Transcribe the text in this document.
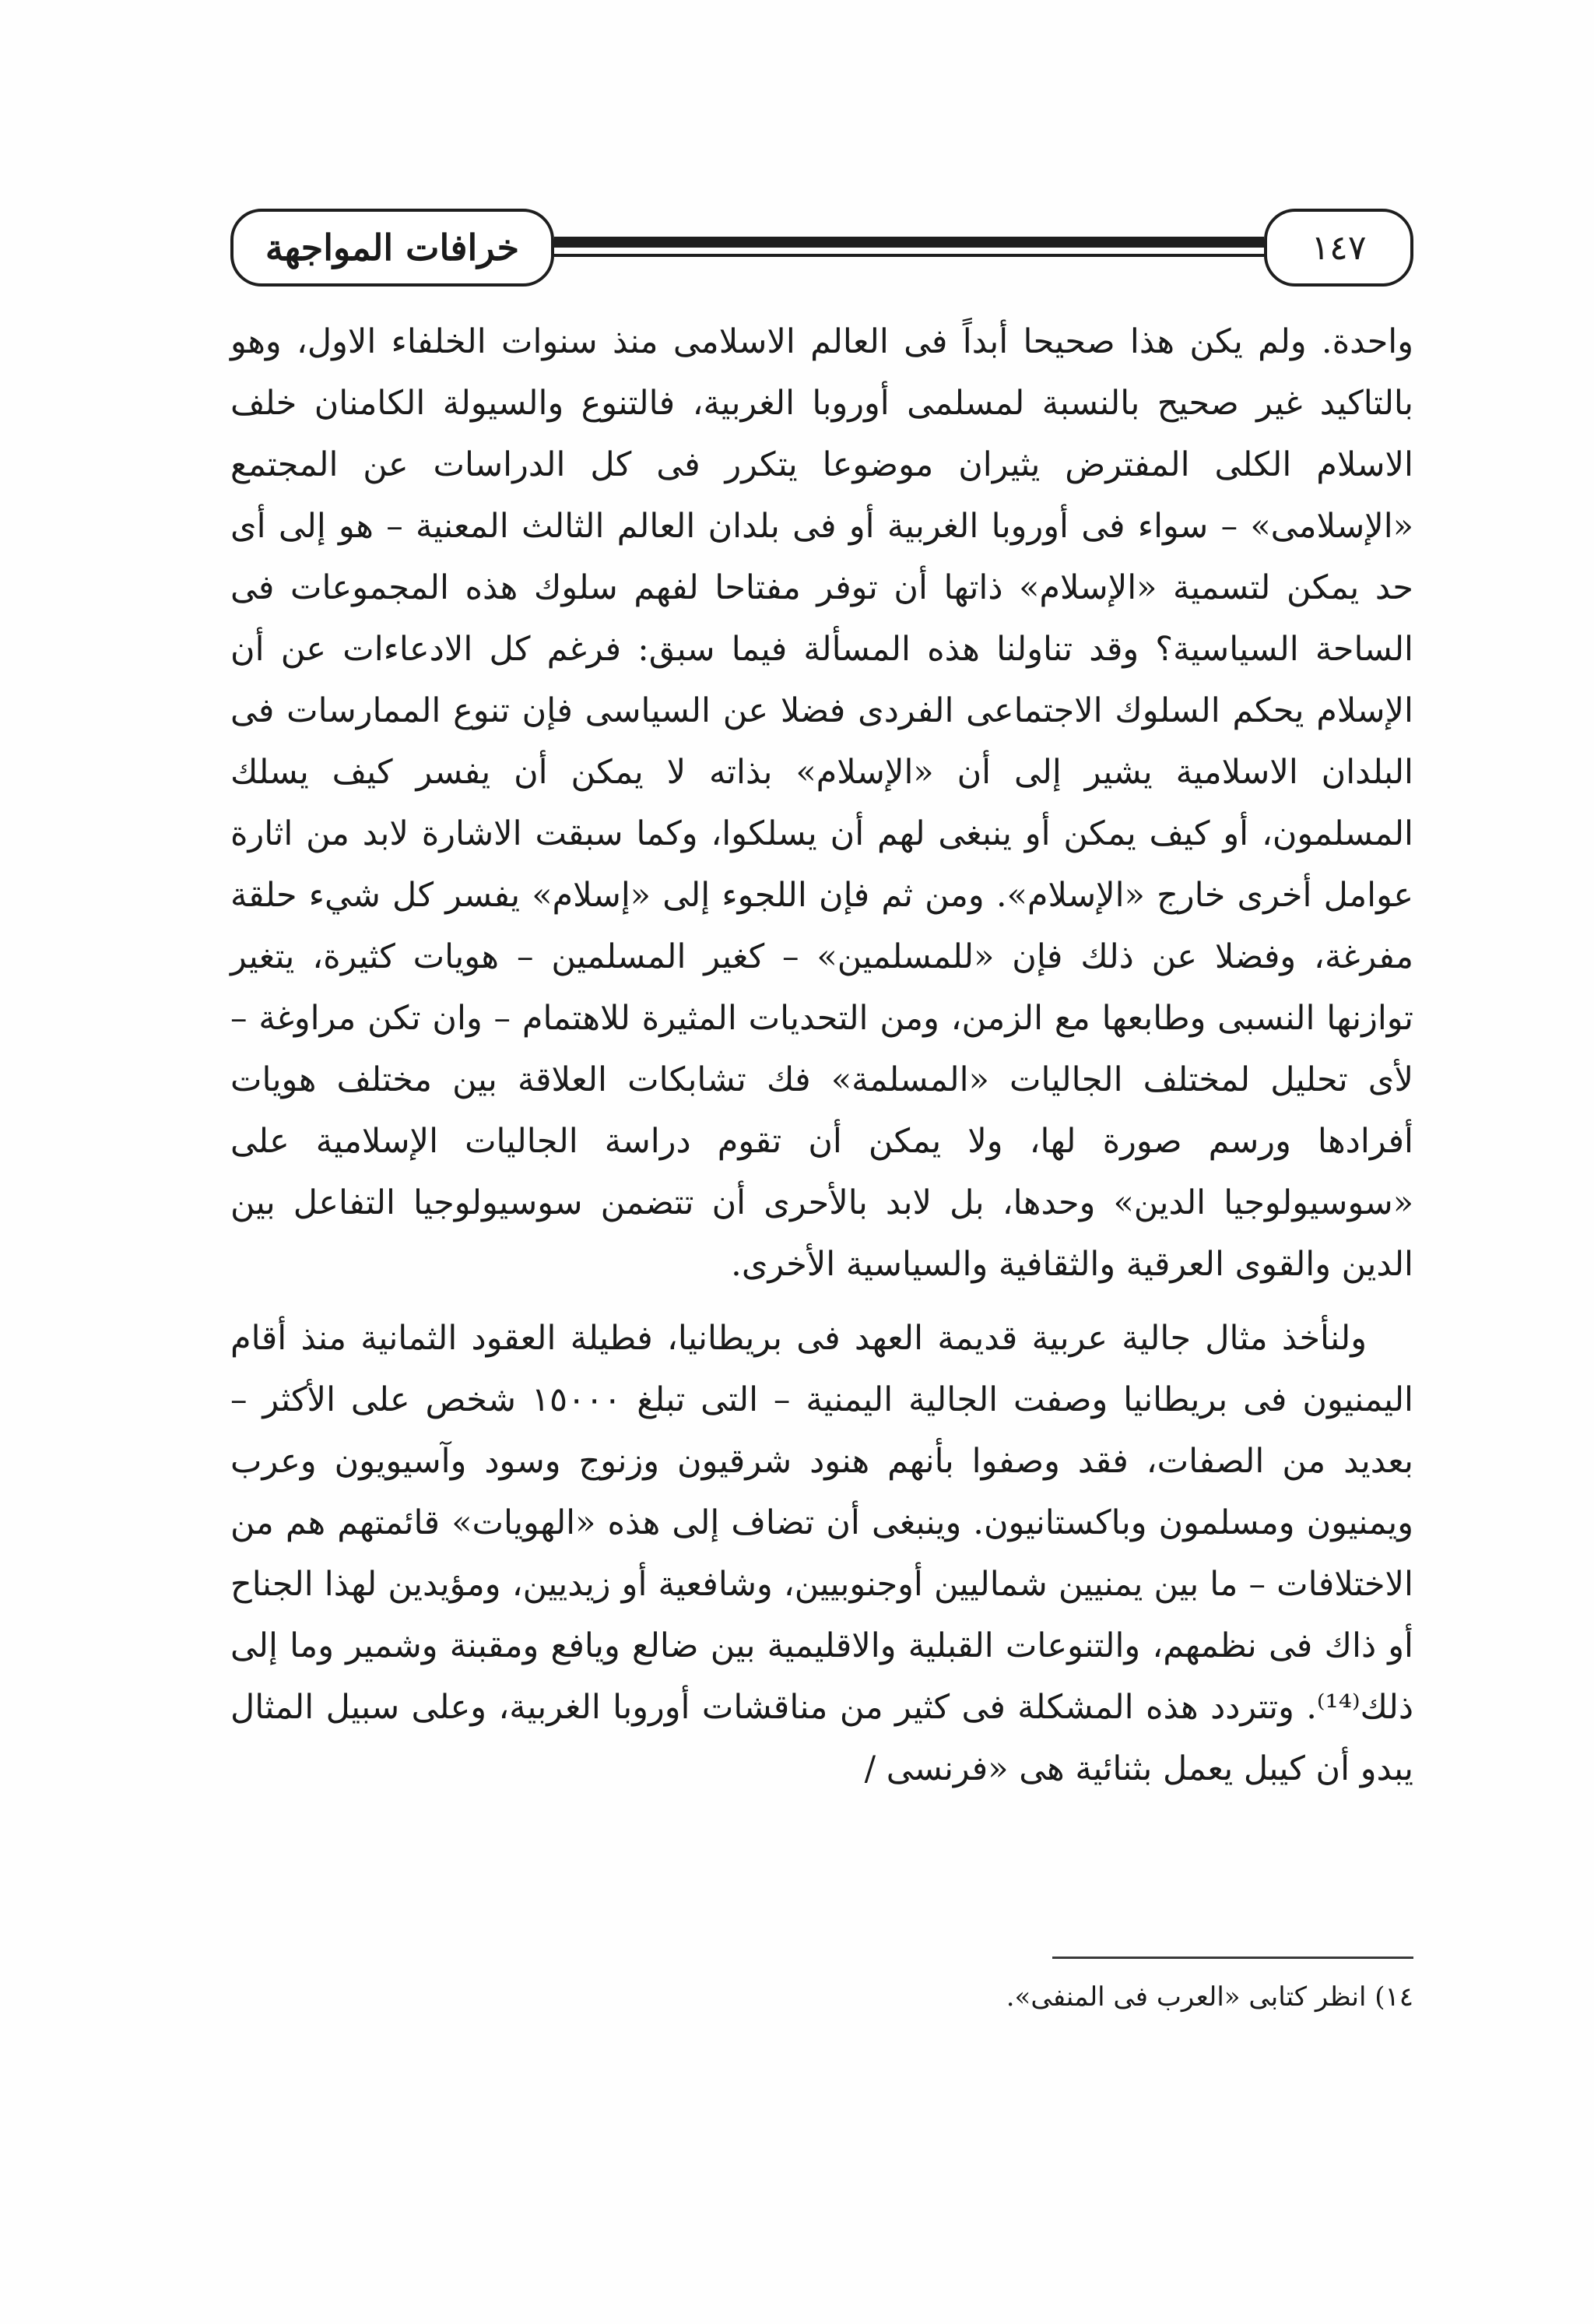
خرافات المواجهة	١٤٧

واحدة. ولم يكن هذا صحيحا أبداً فى العالم الاسلامى منذ سنوات الخلفاء الاول، وهو بالتاكيد غير صحيح بالنسبة لمسلمى أوروبا الغربية، فالتنوع والسيولة الكامنان خلف الاسلام الكلى المفترض يثيران موضوعا يتكرر فى كل الدراسات عن المجتمع «الإسلامى» – سواء فى أوروبا الغربية أو فى بلدان العالم الثالث المعنية – هو إلى أى حد يمكن لتسمية «الإسلام» ذاتها أن توفر مفتاحا لفهم سلوك هذه المجموعات فى الساحة السياسية؟ وقد تناولنا هذه المسألة فيما سبق: فرغم كل الادعاءات عن أن الإسلام يحكم السلوك الاجتماعى الفردى فضلا عن السياسى فإن تنوع الممارسات فى البلدان الاسلامية يشير إلى أن «الإسلام» بذاته لا يمكن أن يفسر كيف يسلك المسلمون، أو كيف يمكن أو ينبغى لهم أن يسلكوا، وكما سبقت الاشارة لابد من اثارة عوامل أخرى خارج «الإسلام». ومن ثم فإن اللجوء إلى «إسلام» يفسر كل شيء حلقة مفرغة، وفضلا عن ذلك فإن «للمسلمين» – كغير المسلمين – هويات كثيرة، يتغير توازنها النسبى وطابعها مع الزمن، ومن التحديات المثيرة للاهتمام – وان تكن مراوغة – لأى تحليل لمختلف الجاليات «المسلمة» فك تشابكات العلاقة بين مختلف هويات أفرادها ورسم صورة لها، ولا يمكن أن تقوم دراسة الجاليات الإسلامية على «سوسيولوجيا الدين» وحدها، بل لابد بالأحرى أن تتضمن سوسيولوجيا التفاعل بين الدين والقوى العرقية والثقافية والسياسية الأخرى.

ولنأخذ مثال جالية عربية قديمة العهد فى بريطانيا، فطيلة العقود الثمانية منذ أقام اليمنيون فى بريطانيا وصفت الجالية اليمنية – التى تبلغ ١٥٠٠٠ شخص على الأكثر – بعديد من الصفات، فقد وصفوا بأنهم هنود شرقيون وزنوج وسود وآسيويون وعرب ويمنيون ومسلمون وباكستانيون. وينبغى أن تضاف إلى هذه «الهويات» قائمتهم هم من الاختلافات – ما بين يمنيين شماليين أوجنوبيين، وشافعية أو زيديين، ومؤيدين لهذا الجناح أو ذاك فى نظمهم، والتنوعات القبلية والاقليمية بين ضالع ويافع ومقبنة وشمير وما إلى ذلك⁽¹⁴⁾. وتتردد هذه المشكلة فى كثير من مناقشات أوروبا الغربية، وعلى سبيل المثال يبدو أن كيبل يعمل بثنائية هى «فرنسى /

١٤) انظر كتابى «العرب فى المنفى».
